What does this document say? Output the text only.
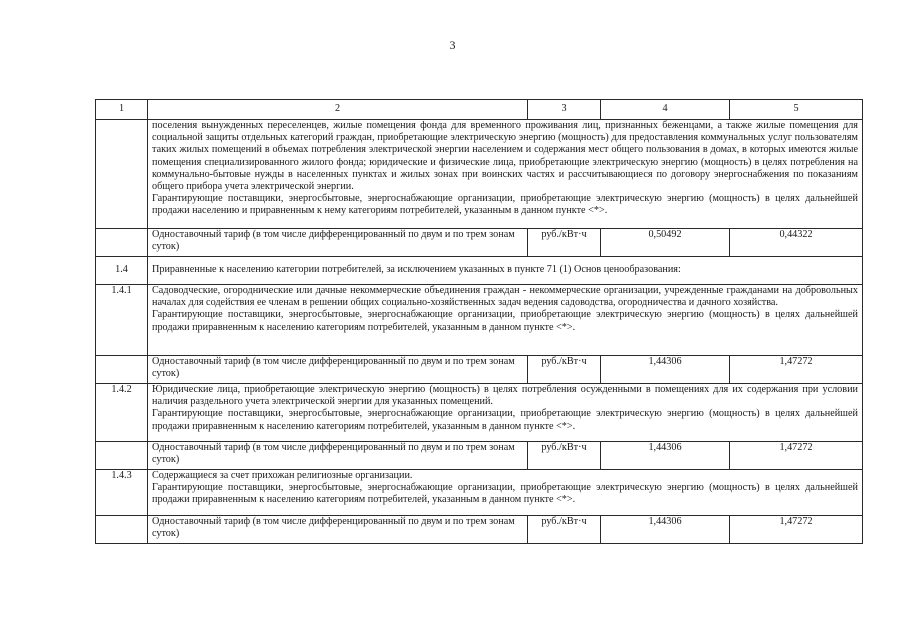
3
1	2	3	4	5

	поселения вынужденных переселенцев, жилые помещения фонда для временного проживания лиц, признанных беженцами, а также жилые помещения для социальной защиты отдельных категорий граждан, приобретающие электрическую энергию (мощность) для предоставления коммунальных услуг пользователям таких жилых помещений в объемах потребления электрической энергии населением и содержания мест общего пользования в домах, в которых имеются жилые помещения специализированного жилого фонда; юридические и физические лица, приобретающие электрическую энергию (мощность) в целях потребления на коммунально-бытовые нужды в населенных пунктах и жилых зонах при воинских частях и рассчитывающиеся по договору энергоснабжения по показаниям общего прибора учета электрической энергии.
Гарантирующие поставщики, энергосбытовые, энергоснабжающие организации, приобретающие электрическую энергию (мощность) в целях дальнейшей продажи населению и приравненным к нему категориям потребителей, указанным в данном пункте <*>.			

	Одноставочный тариф (в том числе дифференцированный по двум и по трем зонам суток)	руб./кВт·ч	0,50492	0,44322
1.4	Приравненные к населению категории потребителей, за исключением указанных в пункте 71 (1) Основ ценообразования:			
1.4.1	Садоводческие, огороднические или дачные некоммерческие объединения граждан - некоммерческие организации, учрежденные гражданами на добровольных началах для содействия ее членам в решении общих социально-хозяйственных задач ведения садоводства, огородничества и дачного хозяйства.
Гарантирующие поставщики, энергосбытовые, энергоснабжающие организации, приобретающие электрическую энергию (мощность) в целях дальнейшей продажи приравненным к населению категориям потребителей, указанным в данном пункте <*>.			

	Одноставочный тариф (в том числе дифференцированный по двум и по трем зонам суток)	руб./кВт·ч	1,44306	1,47272
1.4.2	Юридические лица, приобретающие электрическую энергию (мощность) в целях потребления осужденными в помещениях для их содержания при условии наличия раздельного учета электрической энергии для указанных помещений.
Гарантирующие поставщики, энергосбытовые, энергоснабжающие организации, приобретающие электрическую энергию (мощность) в целях дальнейшей продажи приравненным к населению категориям потребителей, указанным в данном пункте <*>.			

	Одноставочный тариф (в том числе дифференцированный по двум и по трем зонам суток)	руб./кВт·ч	1,44306	1,47272
1.4.3	Содержащиеся за счет прихожан религиозные организации.
Гарантирующие поставщики, энергосбытовые, энергоснабжающие организации, приобретающие электрическую энергию (мощность) в целях дальнейшей продажи приравненным к населению категориям потребителей, указанным в данном пункте <*>.			

	Одноставочный тариф (в том числе дифференцированный по двум и по трем зонам суток)	руб./кВт·ч	1,44306	1,47272
